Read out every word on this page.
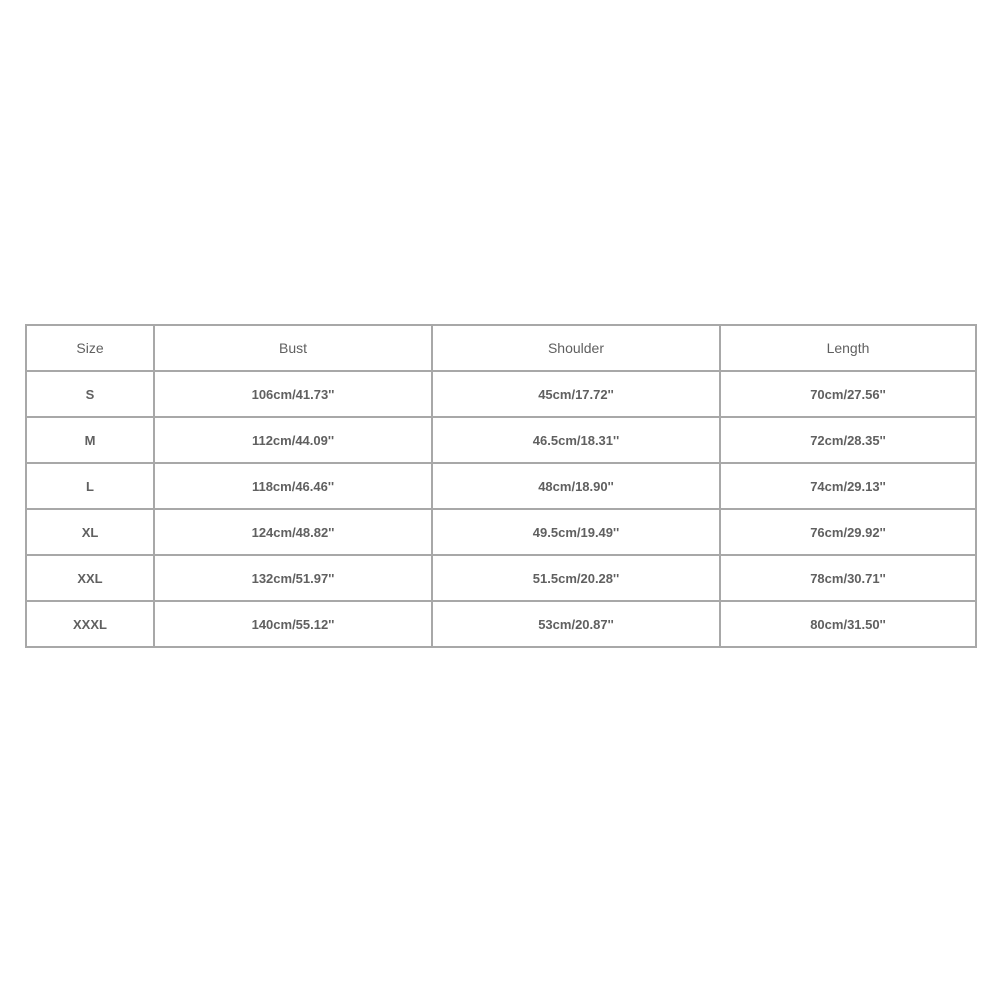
Size	Bust	Shoulder	Length
S	106cm/41.73''	45cm/17.72''	70cm/27.56''
M	112cm/44.09''	46.5cm/18.31''	72cm/28.35''
L	118cm/46.46''	48cm/18.90''	74cm/29.13''
XL	124cm/48.82''	49.5cm/19.49''	76cm/29.92''
XXL	132cm/51.97''	51.5cm/20.28''	78cm/30.71''
XXXL	140cm/55.12''	53cm/20.87''	80cm/31.50''
